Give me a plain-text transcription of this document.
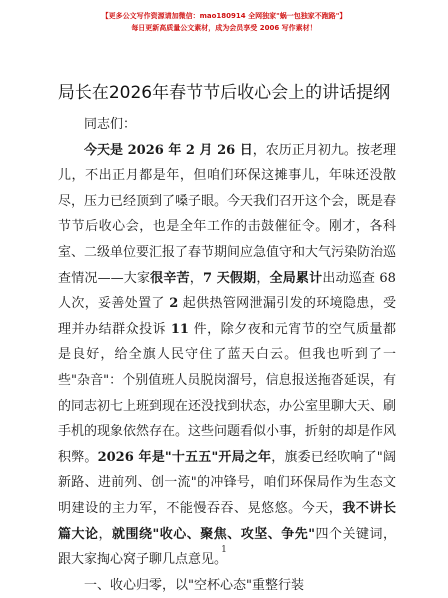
【更多公文写作资源请加微信：mao180914 全网独家"蜗一包独家不跑路"】
每日更新高质量公文素材，成为会员享受 2006 写作素材！
局长在2026年春节节后收心会上的讲话提纲

同志们：

今天是 2026 年 2 月 26 日，农历正月初九。按老理儿，不出正月都是年，但咱们环保这摊事儿，年味还没散尽，压力已经顶到了嗓子眼。今天我们召开这个会，既是春节节后收心会，也是全年工作的击鼓催征令。刚才，各科室、二级单位要汇报了春节期间应急值守和大气污染防治巡查情况——大家很辛苦，7 天假期，全局累计出动巡查 68 人次，妥善处置了 2 起供热管网泄漏引发的环境隐患，受理并办结群众投诉 11 件，除夕夜和元宵节的空气质量都是良好，给全旗人民守住了蓝天白云。但我也听到了一些"杂音"：个别值班人员脱岗溜号，信息报送拖沓延误，有的同志初七上班到现在还没找到状态，办公室里聊大天、刷手机的现象依然存在。这些问题看似小事，折射的却是作风积弊。2026 年是"十五五"开局之年，旗委已经吹响了"阔新路、进前列、创一流"的冲锋号，咱们环保局作为生态文明建设的主力军，不能慢吞吞、晃悠悠。今天，我不讲长篇大论，就围绕"收心、聚焦、攻坚、争先"四个关键词，跟大家掏心窝子聊几点意见。

一、收心归零，以"空杯心态"重整行装

1
